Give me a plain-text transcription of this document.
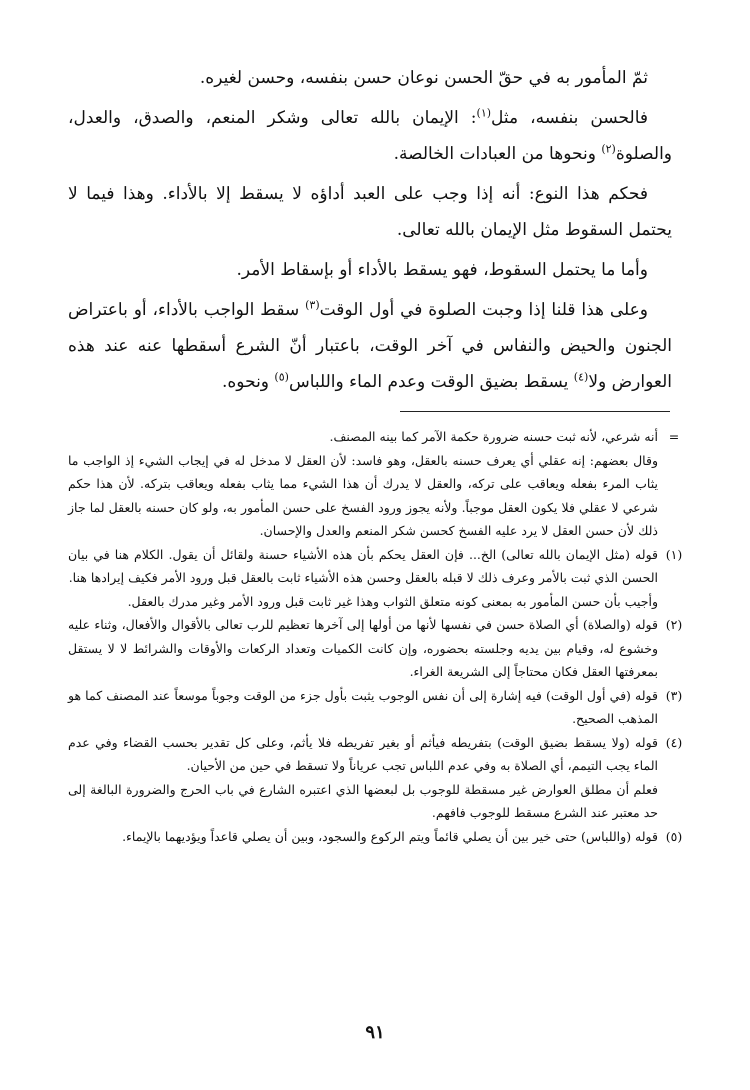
ثمّ المأمور به في حقّ الحسن نوعان حسن بنفسه، وحسن لغيره.

فالحسن بنفسه، مثل$^{(١)}$: الإيمان بالله تعالى وشكر المنعم، والصدق، والعدل، والصلوة$^{(٢)}$ ونحوها من العبادات الخالصة.

فحكم هذا النوع: أنه إذا وجب على العبد أداؤه لا يسقط إلا بالأداء. وهذا فيما لا يحتمل السقوط مثل الإيمان بالله تعالى.

وأما ما يحتمل السقوط، فهو يسقط بالأداء أو بإسقاط الأمر.

وعلى هذا قلنا إذا وجبت الصلوة في أول الوقت$^{(٣)}$ سقط الواجب بالأداء، أو باعتراض الجنون والحيض والنفاس في آخر الوقت، باعتبار أنّ الشرع أسقطها عنه عند هذه العوارض ولا$^{(٤)}$ يسقط بضيق الوقت وعدم الماء واللباس$^{(٥)}$ ونحوه.

=
أنه شرعي، لأنه ثبت حسنه ضرورة حكمة الآمر كما بينه المصنف.
وقال بعضهم: إنه عقلي أي يعرف حسنه بالعقل، وهو فاسد: لأن العقل لا مدخل له في إيجاب الشيء إذ الواجب ما يثاب المرء بفعله ويعاقب على تركه، والعقل لا يدرك أن هذا الشيء مما يثاب بفعله ويعاقب بتركه. لأن هذا حكم شرعي لا عقلي فلا يكون العقل موجباً. ولأنه يجوز ورود الفسخ على حسن المأمور به، ولو كان حسنه بالعقل لما جاز ذلك لأن حسن العقل لا يرد عليه الفسخ كحسن شكر المنعم والعدل والإحسان.
(١)
قوله (مثل الإيمان بالله تعالى) الخ... فإن العقل يحكم بأن هذه الأشياء حسنة ولقائل أن يقول. الكلام هنا في بيان الحسن الذي ثبت بالأمر وعرف ذلك لا قبله بالعقل وحسن هذه الأشياء ثابت بالعقل قبل ورود الأمر فكيف إيرادها هنا.
وأجيب بأن حسن المأمور به بمعنى كونه متعلق الثواب وهذا غير ثابت قبل ورود الأمر وغير مدرك بالعقل.
(٢)
قوله (والصلاة) أي الصلاة حسن في نفسها لأنها من أولها إلى آخرها تعظيم للرب تعالى بالأقوال والأفعال، وثناء عليه وخشوع له، وقيام بين يديه وجلسته بحضوره، وإن كانت الكميات وتعداد الركعات والأوقات والشرائط لا لا يستقل بمعرفتها العقل فكان محتاجاً إلى الشريعة الغراء.
(٣)
قوله (في أول الوقت) فيه إشارة إلى أن نفس الوجوب يثبت بأول جزء من الوقت وجوباً موسعاً عند المصنف كما هو المذهب الصحيح.
(٤)
قوله (ولا يسقط بضيق الوقت) بتفريطه فيأثم أو بغير تفريطه فلا يأثم، وعلى كل تقدير بحسب القضاء وفي عدم الماء يجب التيمم، أي الصلاة به وفي عدم اللباس تجب عرياناً ولا تسقط في حين من الأحيان.
فعلم أن مطلق العوارض غير مسقطة للوجوب بل لبعضها الذي اعتبره الشارع في باب الحرج والضرورة البالغة إلى حد معتبر عند الشرع مسقط للوجوب فافهم.
(٥)
قوله (واللباس) حتى خير بين أن يصلي قائماً ويتم الركوع والسجود، وبين أن يصلي قاعداً ويؤديهما بالإيماء.
٩١
